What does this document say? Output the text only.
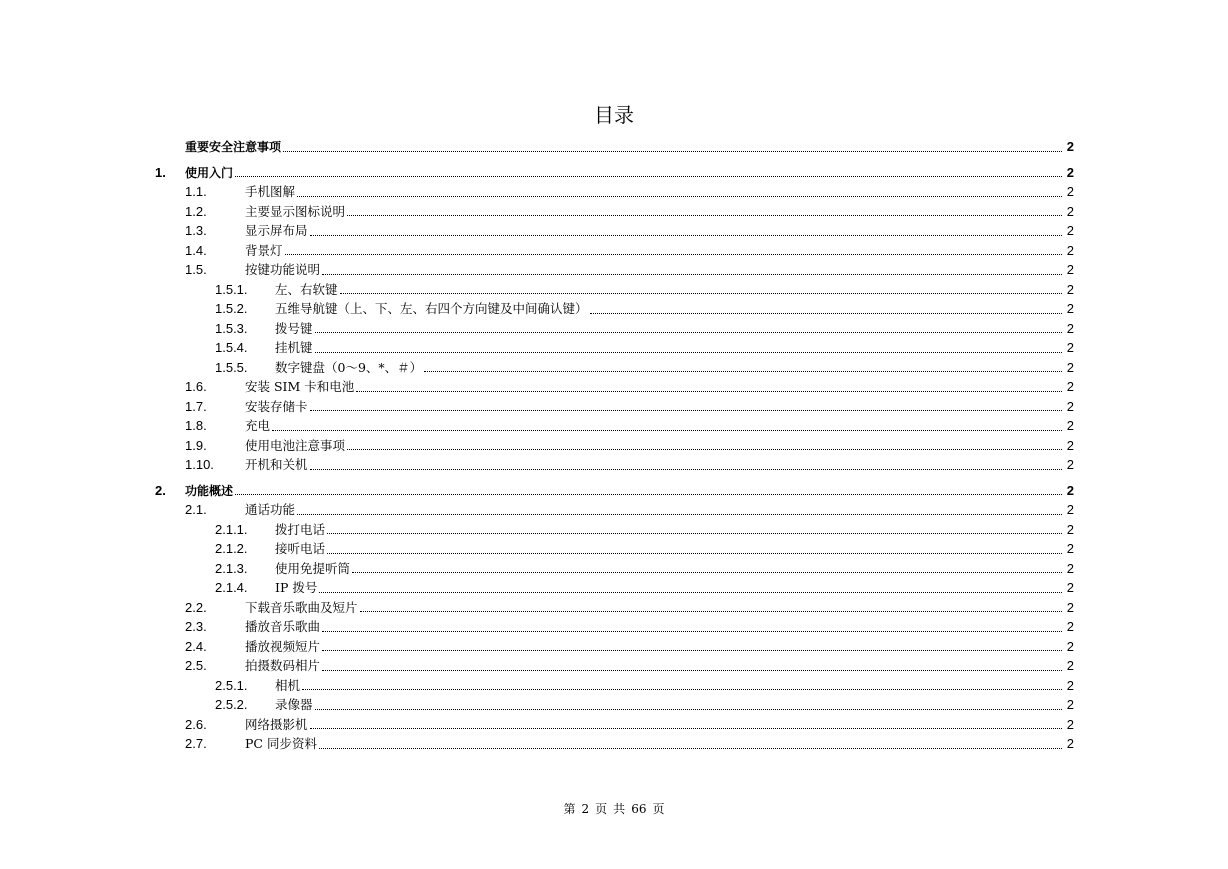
目录
重要安全注意事项	2
1.	使用入门	2
1.1.	手机图解	2
1.2.	主要显示图标说明	2
1.3.	显示屏布局	2
1.4.	背景灯	2
1.5.	按键功能说明	2
1.5.1.	左、右软键	2
1.5.2.	五维导航键（上、下、左、右四个方向键及中间确认键）	2
1.5.3.	拨号键	2
1.5.4.	挂机键	2
1.5.5.	数字键盘（0～9、*、＃）	2
1.6.	安装 SIM 卡和电池	2
1.7.	安装存储卡	2
1.8.	充电	2
1.9.	使用电池注意事项	2
1.10.	开机和关机	2
2.	功能概述	2
2.1.	通话功能	2
2.1.1.	拨打电话	2
2.1.2.	接听电话	2
2.1.3.	使用免提听筒	2
2.1.4.	IP 拨号	2
2.2.	下载音乐歌曲及短片	2
2.3.	播放音乐歌曲	2
2.4.	播放视频短片	2
2.5.	拍摄数码相片	2
2.5.1.	相机	2
2.5.2.	录像器	2
2.6.	网络摄影机	2
2.7.	PC 同步资料	2
第 2 页 共 66 页
